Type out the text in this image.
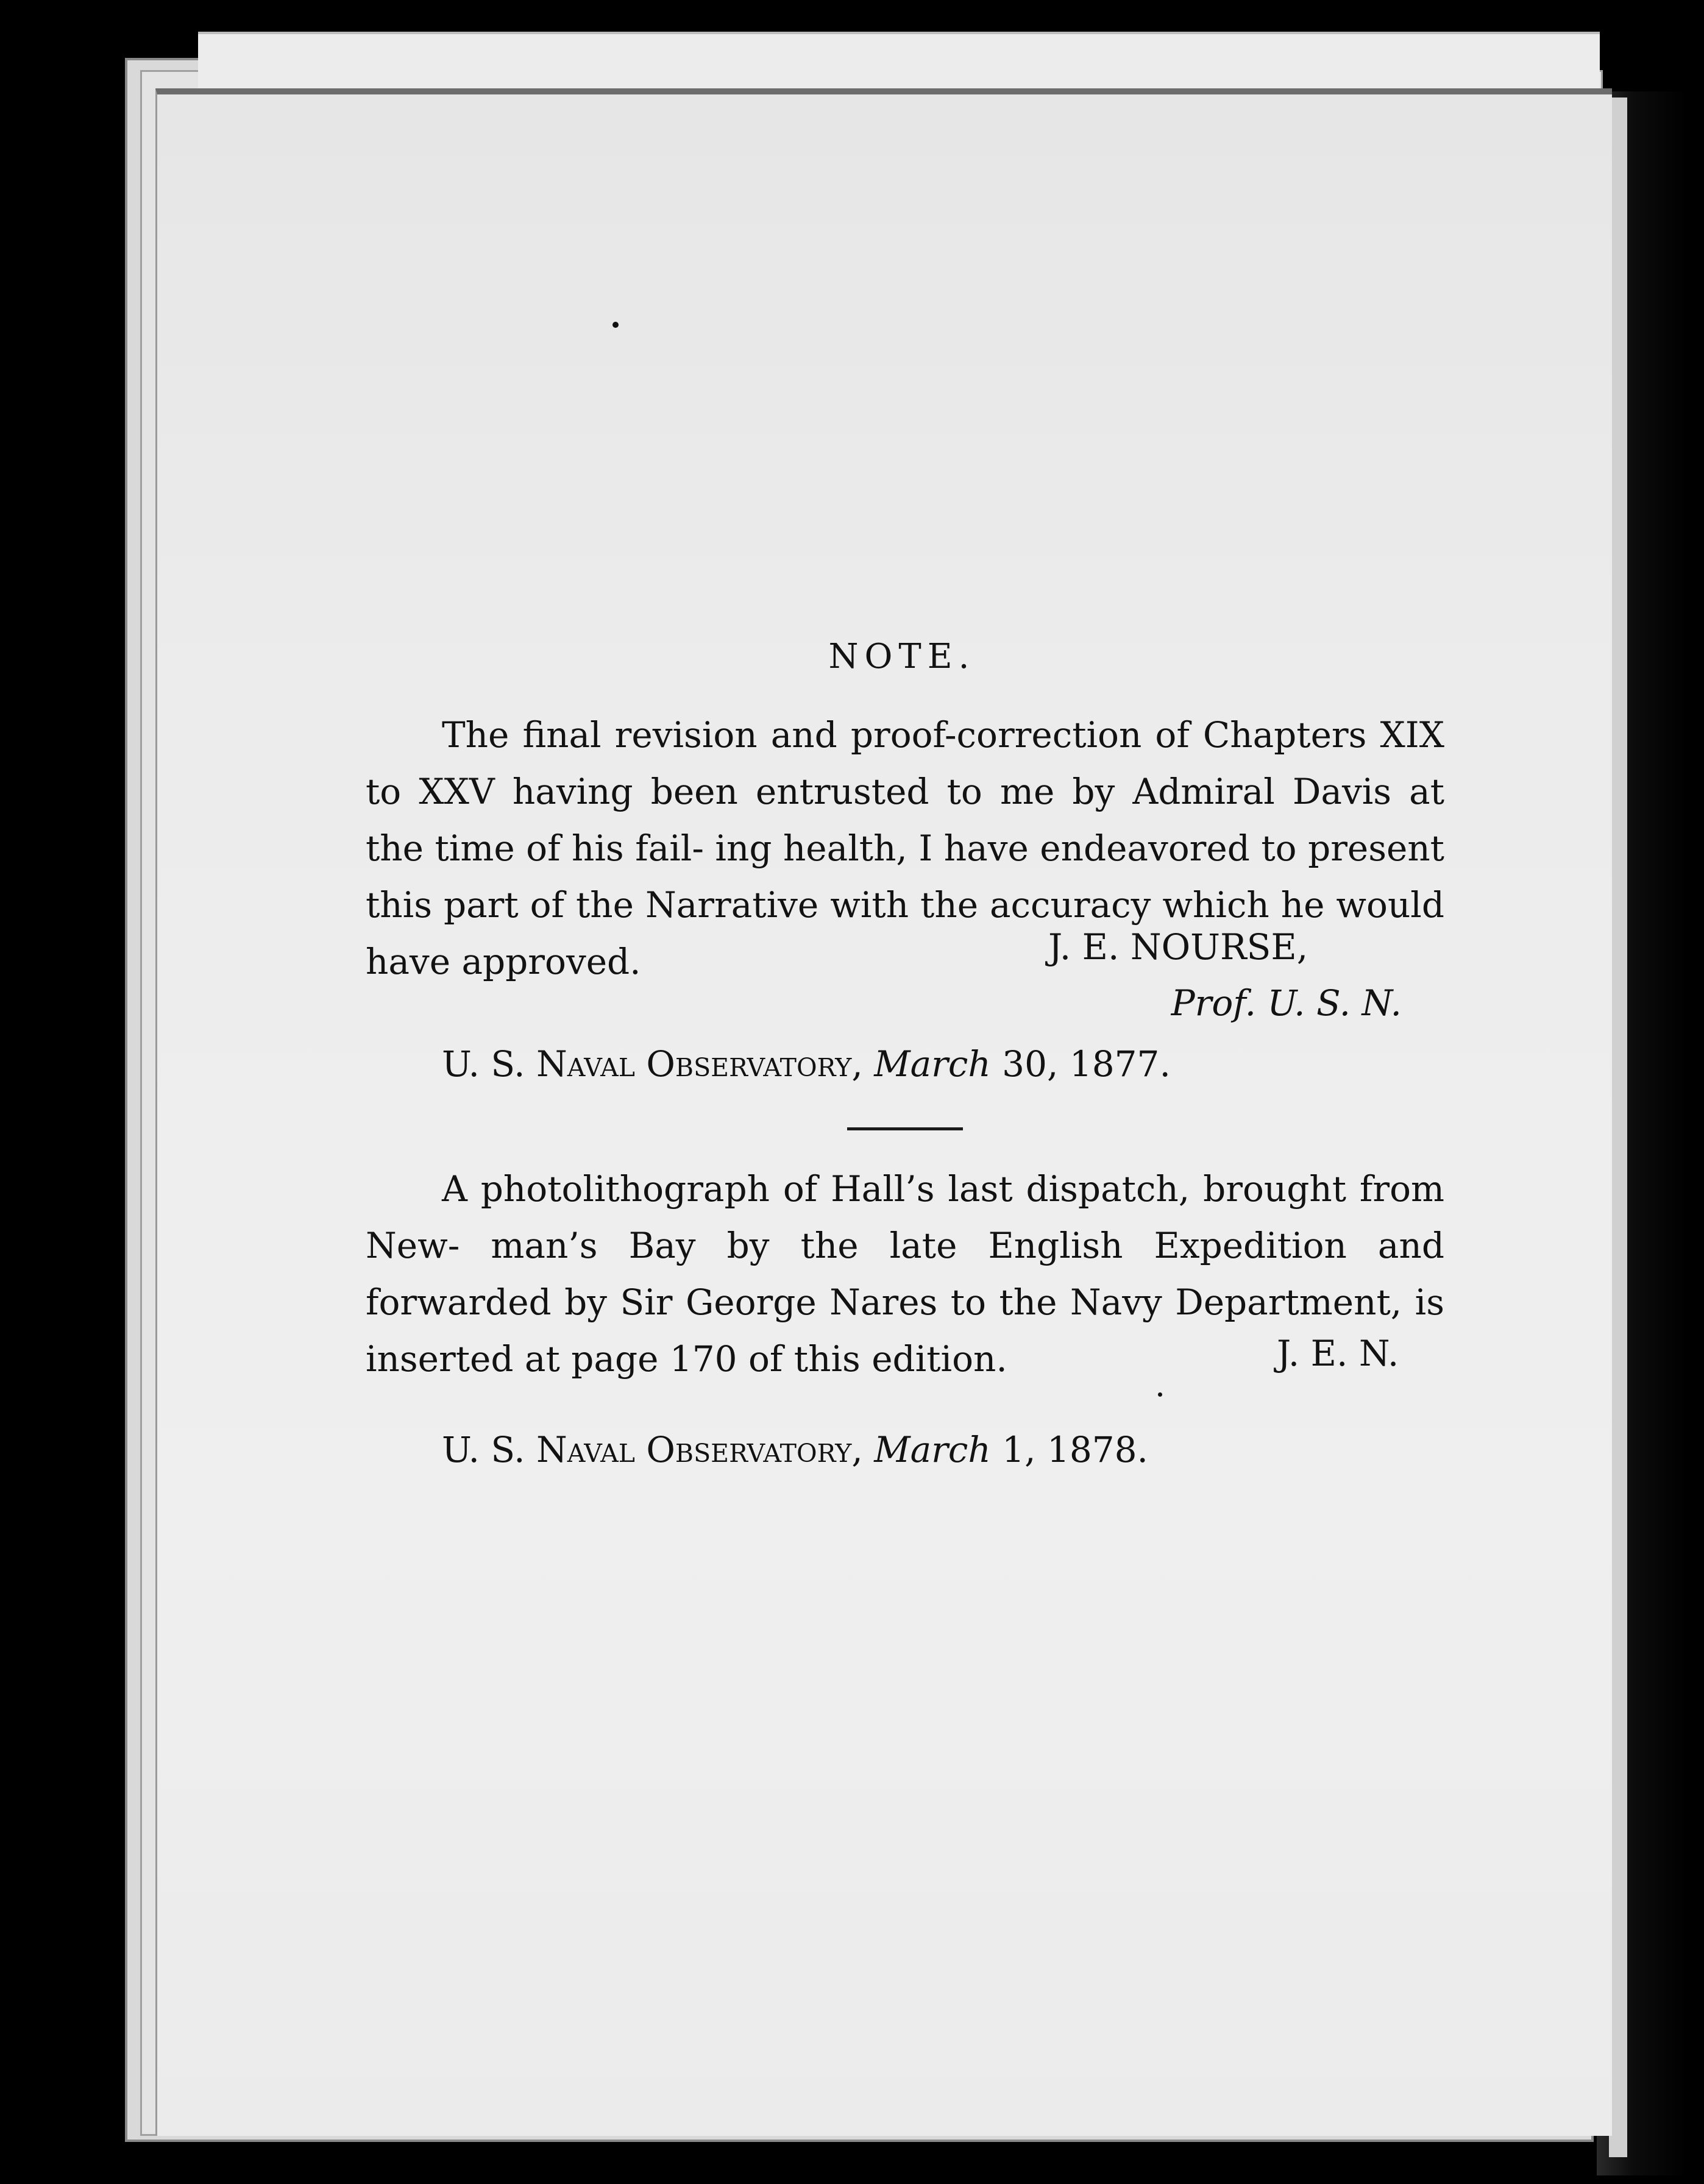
NOTE.
The final revision and proof-correction of Chapters XIX to XXV having been entrusted to me by Admiral Davis at the time of his fail- ing health, I have endeavored to present this part of the Narrative with the accuracy which he would have approved.	J. E. NOURSE,
Prof. U. S. N.
U. S. Naval Observatory, March 30, 1877.
A photolithograph of Hall’s last dispatch, brought from New- man’s Bay by the late English Expedition and forwarded by Sir George Nares to the Navy Department, is inserted at page 170 of this edition.	J. E. N.
U. S. Naval Observatory, March 1, 1878.
